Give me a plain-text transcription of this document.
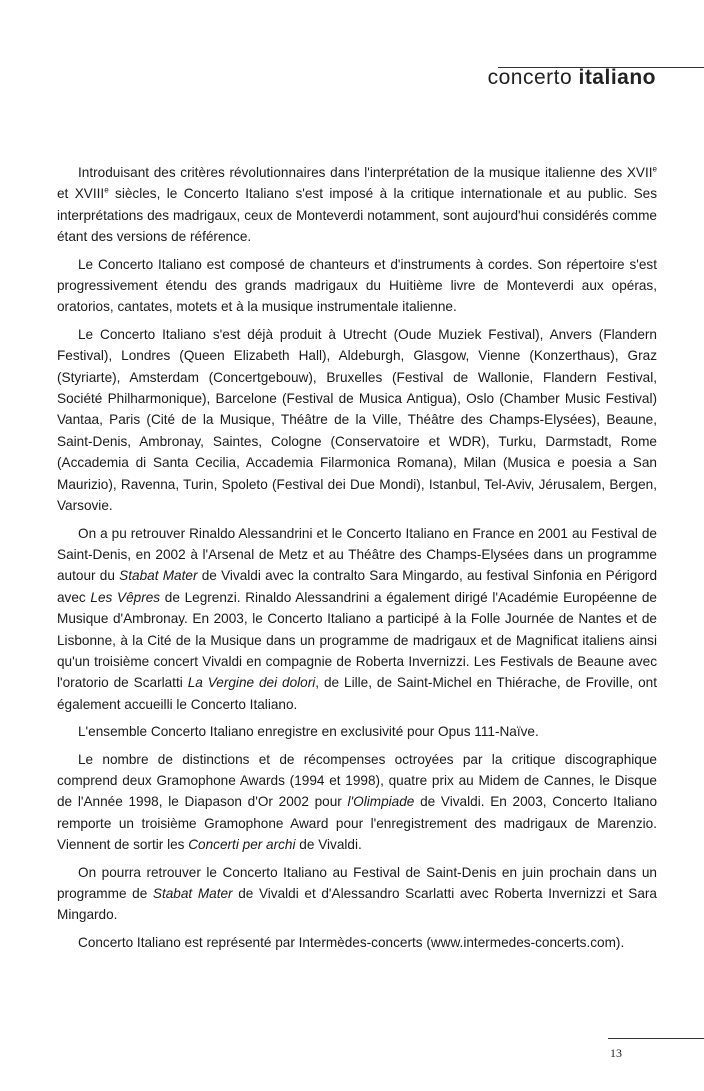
concerto italiano

Introduisant des critères révolutionnaires dans l'interprétation de la musique italienne des XVIIe et XVIIIe siècles, le Concerto Italiano s'est imposé à la critique internationale et au public. Ses interprétations des madrigaux, ceux de Monteverdi notamment, sont aujourd'hui considérés comme étant des versions de référence.

Le Concerto Italiano est composé de chanteurs et d'instruments à cordes. Son répertoire s'est progressivement étendu des grands madrigaux du Huitième livre de Monteverdi aux opéras, oratorios, cantates, motets et à la musique instrumentale italienne.

Le Concerto Italiano s'est déjà produit à Utrecht (Oude Muziek Festival), Anvers (Flandern Festival), Londres (Queen Elizabeth Hall), Aldeburgh, Glasgow, Vienne (Konzerthaus), Graz (Styriarte), Amsterdam (Concertgebouw), Bruxelles (Festival de Wallonie, Flandern Festival, Société Philharmonique), Barcelone (Festival de Musica Antigua), Oslo (Chamber Music Festival) Vantaa, Paris (Cité de la Musique, Théâtre de la Ville, Théâtre des Champs-Elysées), Beaune, Saint-Denis, Ambronay, Saintes, Cologne (Conservatoire et WDR), Turku, Darmstadt, Rome (Accademia di Santa Cecilia, Accademia Filarmonica Romana), Milan (Musica e poesia a San Maurizio), Ravenna, Turin, Spoleto (Festival dei Due Mondi), Istanbul, Tel-Aviv, Jérusalem, Bergen, Varsovie.

On a pu retrouver Rinaldo Alessandrini et le Concerto Italiano en France en 2001 au Festival de Saint-Denis, en 2002 à l'Arsenal de Metz et au Théâtre des Champs-Elysées dans un programme autour du Stabat Mater de Vivaldi avec la contralto Sara Mingardo, au festival Sinfonia en Périgord avec Les Vêpres de Legrenzi. Rinaldo Alessandrini a également dirigé l'Académie Européenne de Musique d'Ambronay. En 2003, le Concerto Italiano a participé à la Folle Journée de Nantes et de Lisbonne, à la Cité de la Musique dans un programme de madrigaux et de Magnificat italiens ainsi qu'un troisième concert Vivaldi en compagnie de Roberta Invernizzi. Les Festivals de Beaune avec l'oratorio de Scarlatti La Vergine dei dolori, de Lille, de Saint-Michel en Thiérache, de Froville, ont également accueilli le Concerto Italiano.

L'ensemble Concerto Italiano enregistre en exclusivité pour Opus 111-Naïve.

Le nombre de distinctions et de récompenses octroyées par la critique discographique comprend deux Gramophone Awards (1994 et 1998), quatre prix au Midem de Cannes, le Disque de l'Année 1998, le Diapason d'Or 2002 pour l'Olimpiade de Vivaldi. En 2003, Concerto Italiano remporte un troisième Gramophone Award pour l'enregistrement des madrigaux de Marenzio. Viennent de sortir les Concerti per archi de Vivaldi.

On pourra retrouver le Concerto Italiano au Festival de Saint-Denis en juin prochain dans un programme de Stabat Mater de Vivaldi et d'Alessandro Scarlatti avec Roberta Invernizzi et Sara Mingardo.

Concerto Italiano est représenté par Intermèdes-concerts (www.intermedes-concerts.com).

13
